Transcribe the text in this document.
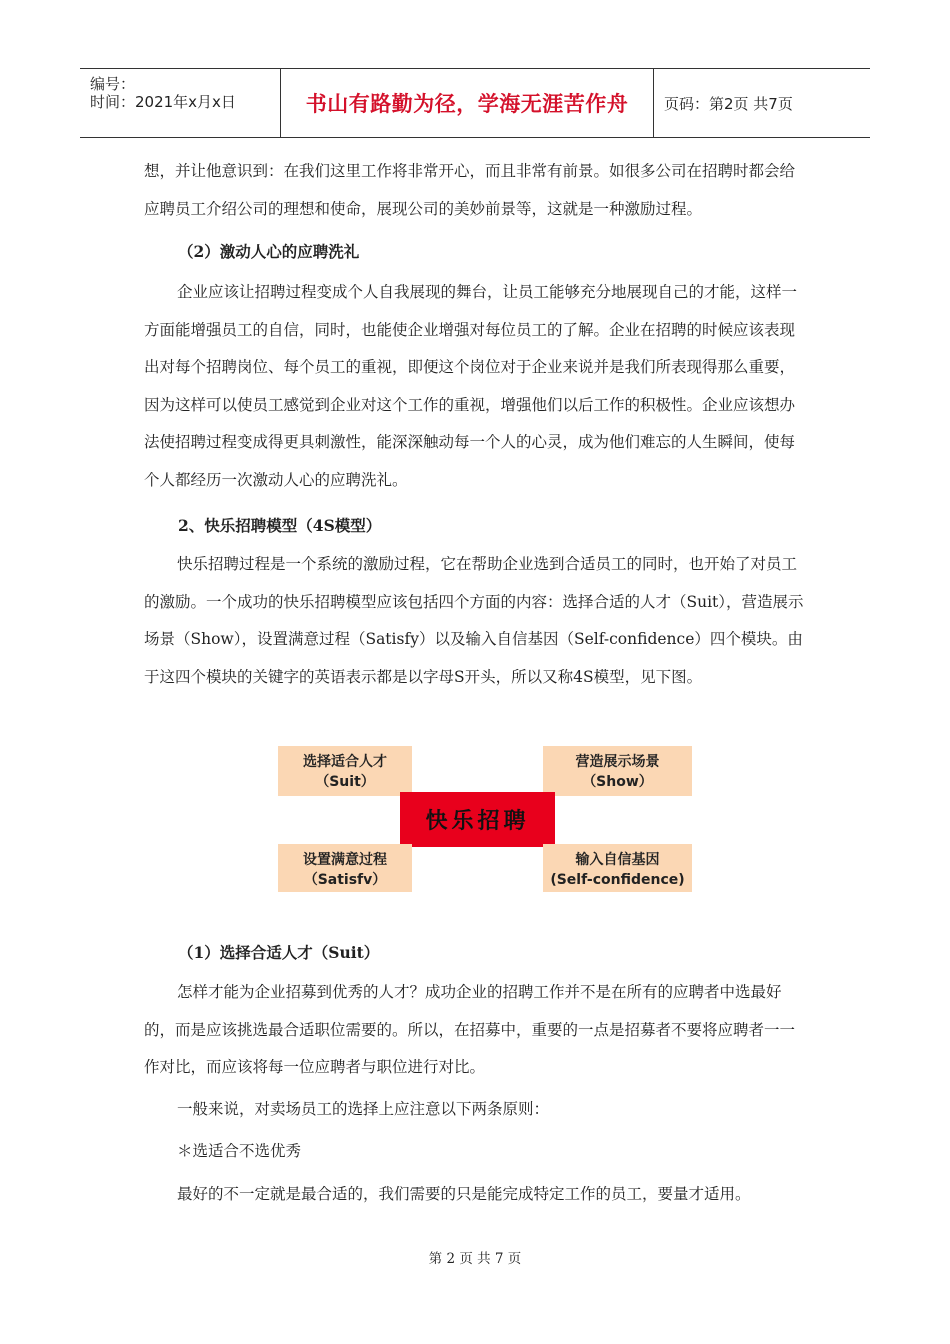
编号：
时间：2021年x月x日	书山有路勤为径，学海无涯苦作舟 页码：第2页 共7页

想，并让他意识到：在我们这里工作将非常开心，而且非常有前景。如很多公司在招聘时都会给应聘员工介绍公司的理想和使命，展现公司的美妙前景等，这就是一种激励过程。

（2）激动人心的应聘洗礼

企业应该让招聘过程变成个人自我展现的舞台，让员工能够充分地展现自己的才能，这样一方面能增强员工的自信，同时，也能使企业增强对每位员工的了解。企业在招聘的时候应该表现出对每个招聘岗位、每个员工的重视，即便这个岗位对于企业来说并是我们所表现得那么重要，因为这样可以使员工感觉到企业对这个工作的重视，增强他们以后工作的积极性。企业应该想办法使招聘过程变成得更具刺激性，能深深触动每一个人的心灵，成为他们难忘的人生瞬间，使每个人都经历一次激动人心的应聘洗礼。

2、快乐招聘模型（4S模型）

快乐招聘过程是一个系统的激励过程，它在帮助企业选到合适员工的同时，也开始了对员工的激励。一个成功的快乐招聘模型应该包括四个方面的内容：选择合适的人才（Suit），营造展示场景（Show），设置满意过程（Satisfy）以及输入自信基因（Self-confidence）四个模块。由于这四个模块的关键字的英语表示都是以字母S开头，所以又称4S模型，见下图。

选择适合人才
（Suit）
营造展示场景
（Show）
快乐招聘
设置满意过程
（Satisfv）
输入自信基因
(Self-confidence)

（1）选择合适人才（Suit）

怎样才能为企业招募到优秀的人才？成功企业的招聘工作并不是在所有的应聘者中选最好的，而是应该挑选最合适职位需要的。所以，在招募中，重要的一点是招募者不要将应聘者一一作对比，而应该将每一位应聘者与职位进行对比。

一般来说，对卖场员工的选择上应注意以下两条原则：

＊选适合不选优秀

最好的不一定就是最合适的，我们需要的只是能完成特定工作的员工，要量才适用。

第 2 页 共 7 页
